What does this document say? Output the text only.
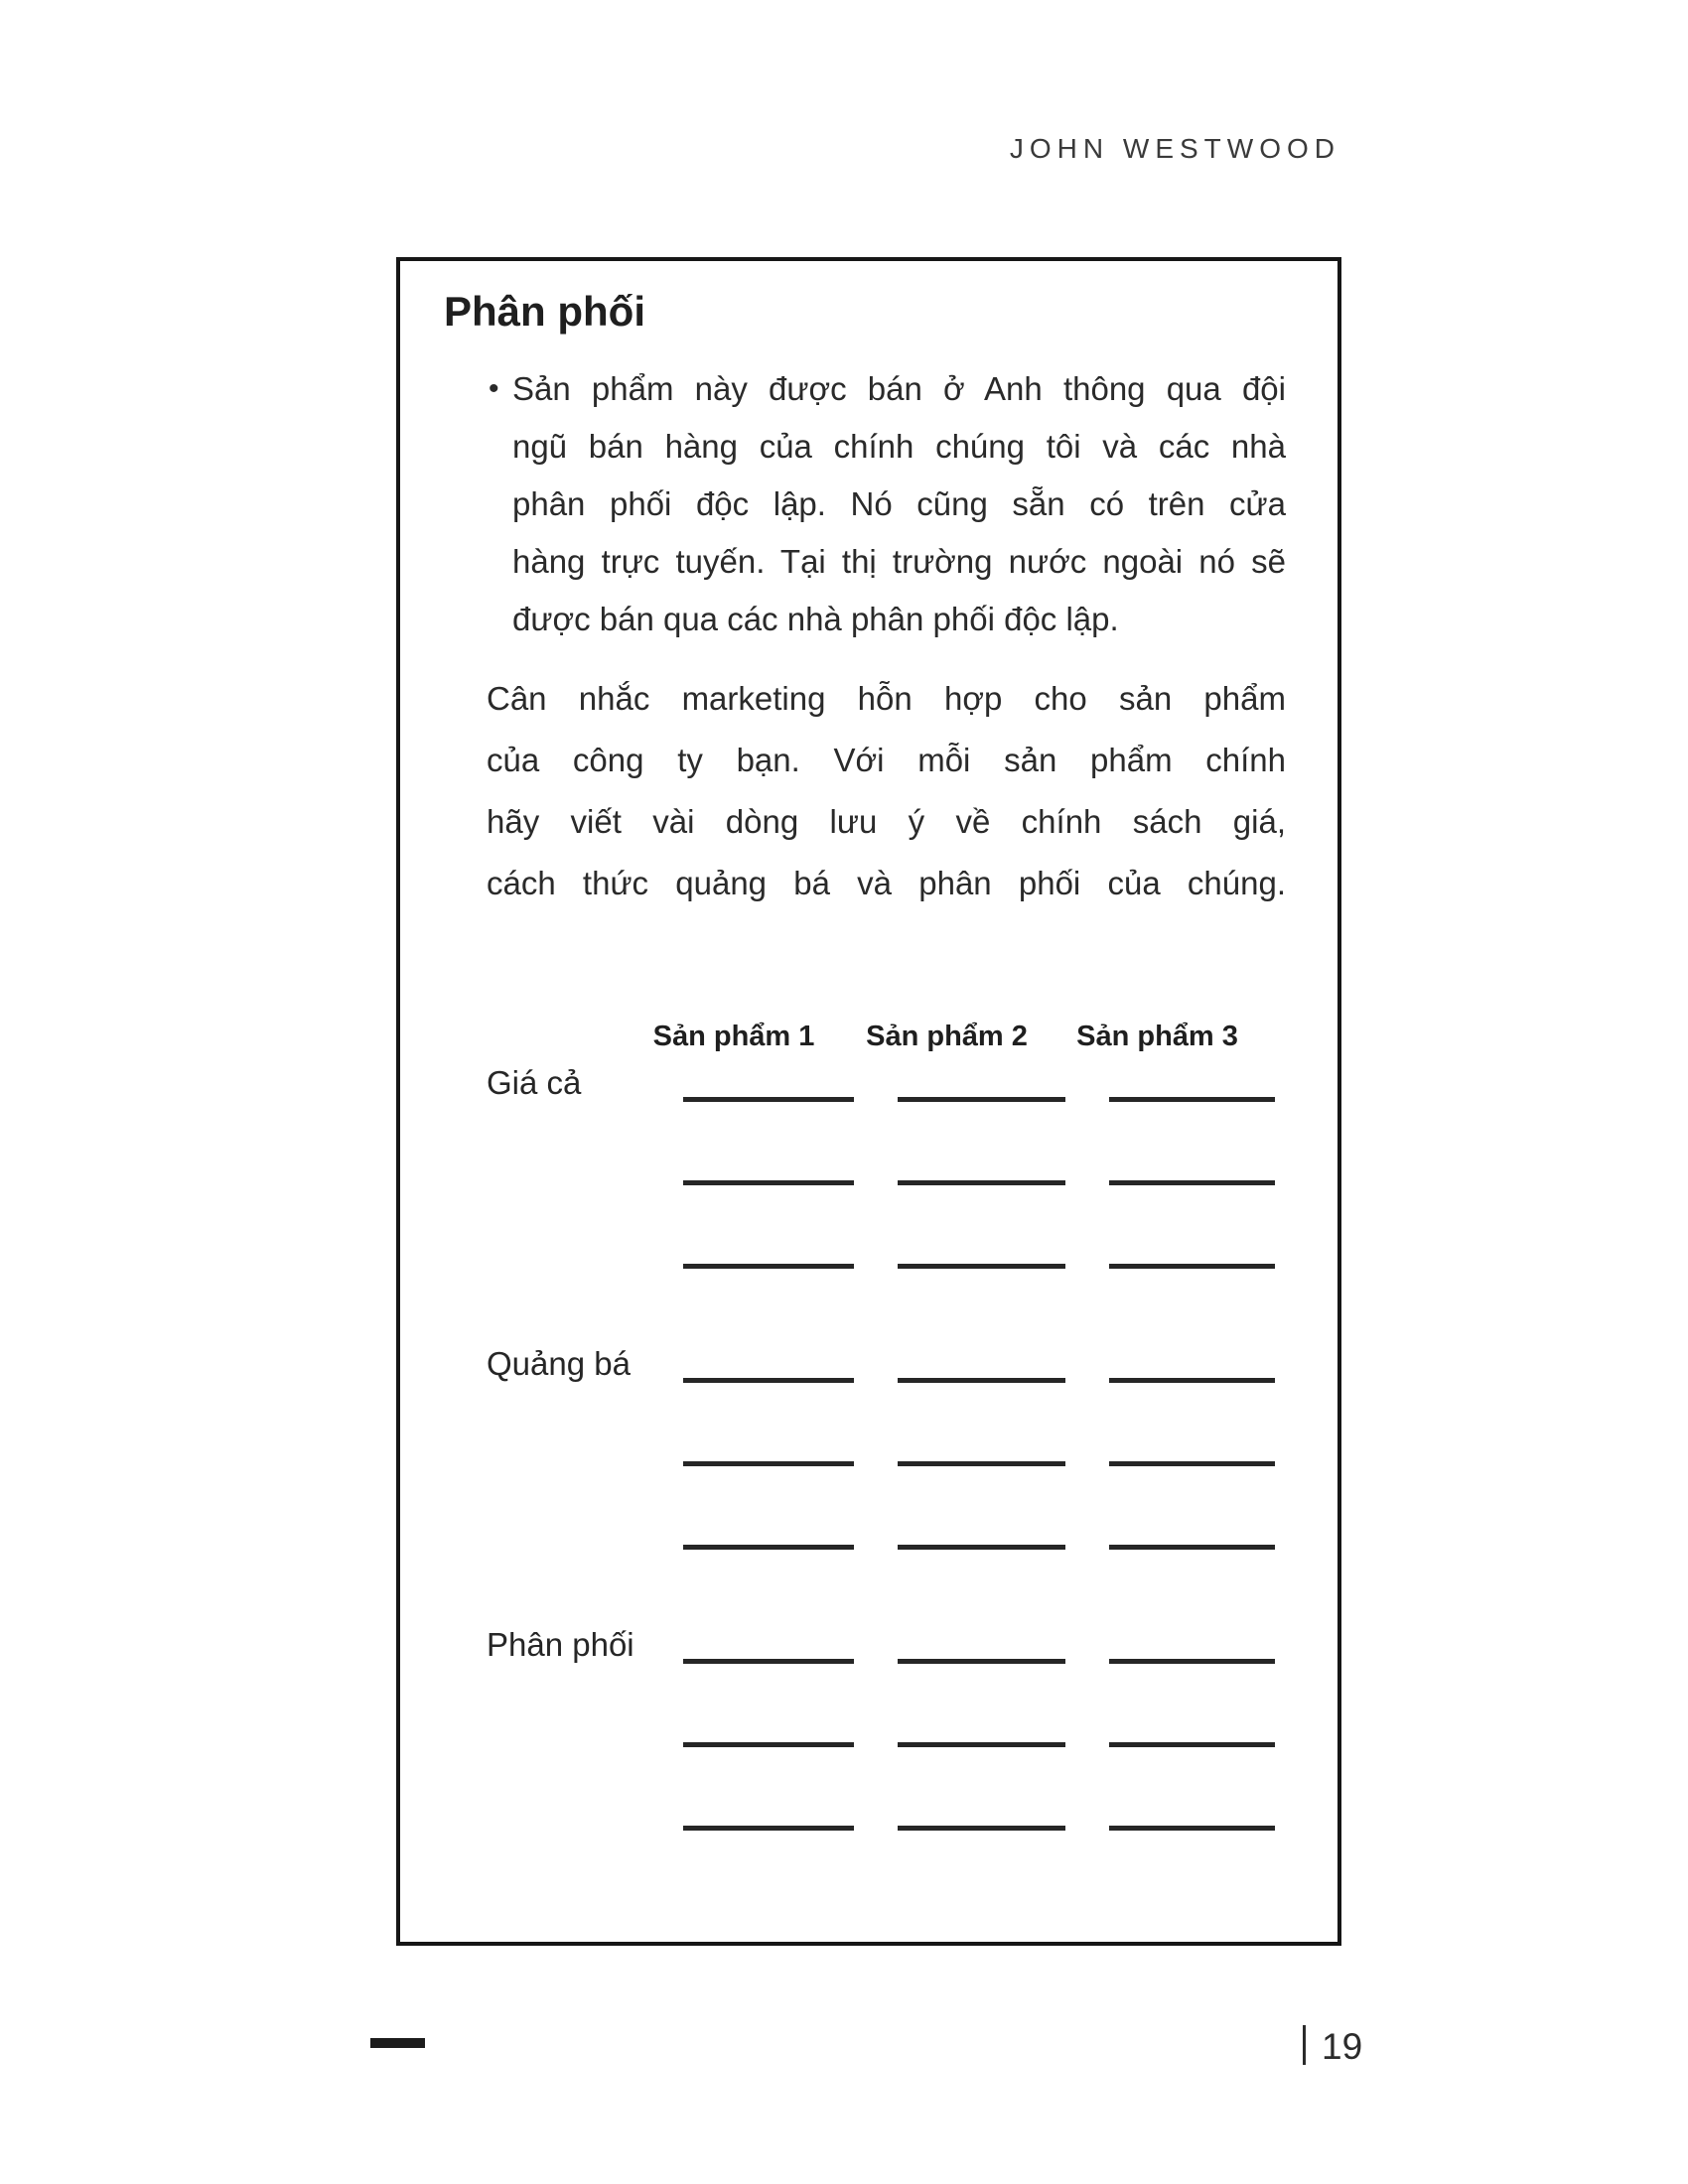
JOHN WESTWOOD
Phân phối
• Sản phẩm này được bán ở Anh thông qua đội
ngũ bán hàng của chính chúng tôi và các nhà
phân phối độc lập. Nó cũng sẵn có trên cửa
hàng trực tuyến. Tại thị trường nước ngoài nó sẽ
được bán qua các nhà phân phối độc lập.
Cân nhắc marketing hỗn hợp cho sản phẩm
của công ty bạn. Với mỗi sản phẩm chính
hãy viết vài dòng lưu ý về chính sách giá,
cách thức quảng bá và phân phối của chúng.
Sản phẩm 1 Sản phẩm 2 Sản phẩm 3
Giá cả
Quảng bá
Phân phối
19
